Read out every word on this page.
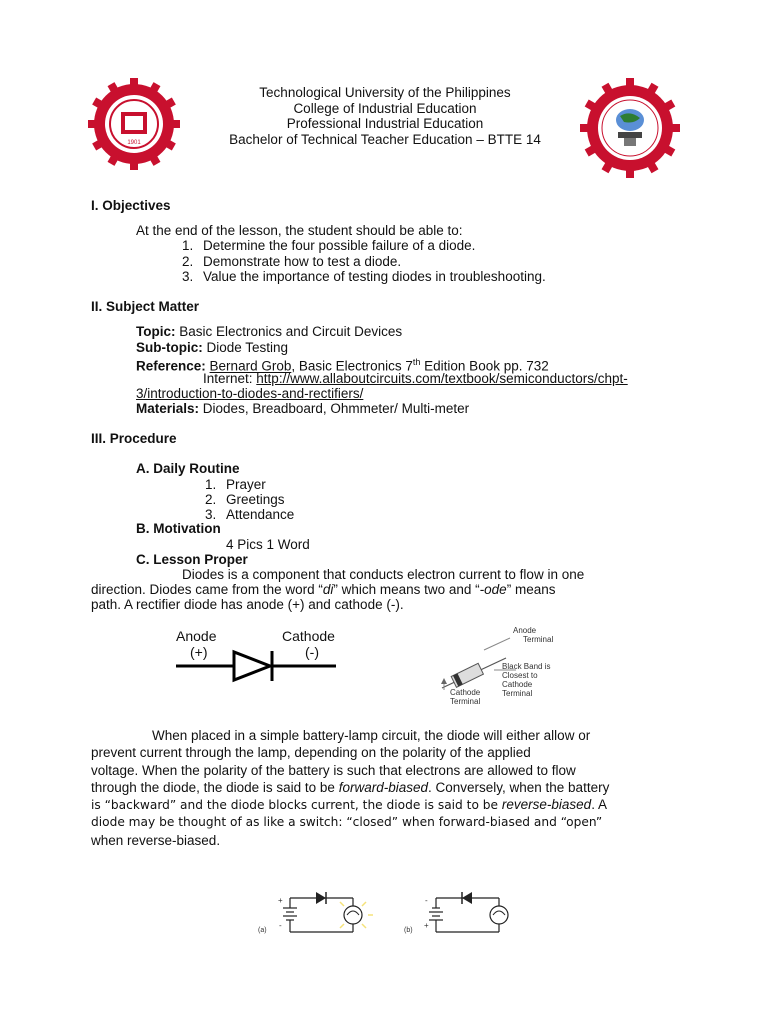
1901
Technological University of the Philippines
College of Industrial Education
Professional Industrial Education
Bachelor of Technical Teacher Education – BTTE 14
I. Objectives
At the end of the lesson, the student should be able to:
1. Determine the four possible failure of a diode.
2. Demonstrate how to test a diode.
3. Value the importance of testing diodes in troubleshooting.
II. Subject Matter
Topic: Basic Electronics and Circuit Devices
Sub-topic: Diode Testing
Reference: Bernard Grob, Basic Electronics 7th Edition Book pp. 732
Internet: http://www.allaboutcircuits.com/textbook/semiconductors/chpt-
3/introduction-to-diodes-and-rectifiers/
Materials: Diodes, Breadboard, Ohmmeter/ Multi-meter
III. Procedure
A. Daily Routine
1. Prayer
2. Greetings
3. Attendance
B. Motivation
4 Pics 1 Word
C. Lesson Proper
Diodes is a component that conducts electron current to flow in one
direction. Diodes came from the word “di” which means two and “-ode” means
path. A rectifier diode has anode (+) and cathode (-).
Anode
(+)
Cathode
(-)
Anode
Terminal
Black Band is
Closest to
Cathode
Terminal
Cathode
Terminal

When placed in a simple battery-lamp circuit, the diode will either allow or

prevent current through the lamp, depending on the polarity of the applied

voltage. When the polarity of the battery is such that electrons are allowed to flow

through the diode, the diode is said to be forward-biased. Conversely, when the battery

is “backward” and the diode blocks current, the diode is said to be reverse-biased. A

diode may be thought of as like a switch: “closed” when forward-biased and “open”

when reverse-biased.

(a)	(b)
+
-
-
+
